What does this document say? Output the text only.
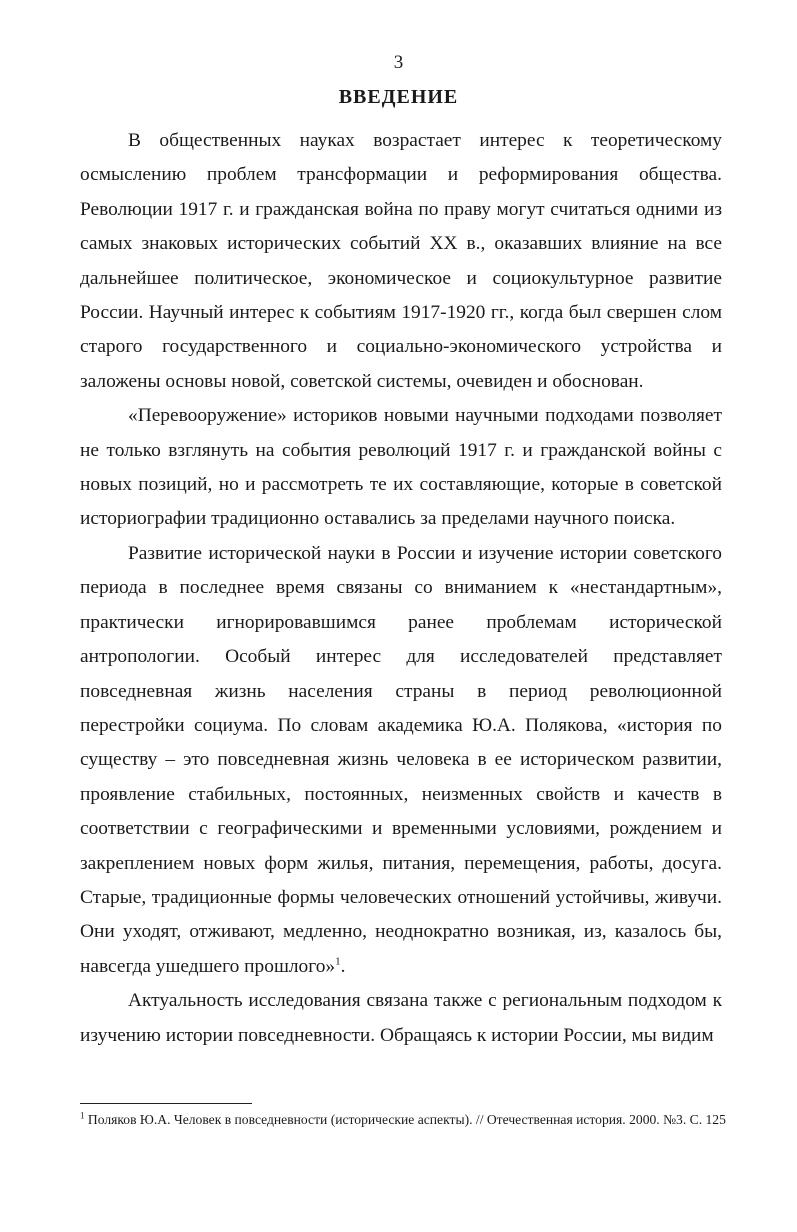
3
ВВЕДЕНИЕ

В общественных науках возрастает интерес к теоретическому осмыслению проблем трансформации и реформирования общества. Революции 1917 г. и гражданская война по праву могут считаться одними из самых знаковых исторических событий XX в., оказавших влияние на все дальнейшее политическое, экономическое и социокультурное развитие России. Научный интерес к событиям 1917-1920 гг., когда был свершен слом старого государственного и социально-экономического устройства и заложены основы новой, советской системы, очевиден и обоснован.

«Перевооружение» историков новыми научными подходами позволяет не только взглянуть на события революций 1917 г. и гражданской войны с новых позиций, но и рассмотреть те их составляющие, которые в советской историографии традиционно оставались за пределами научного поиска.

Развитие исторической науки в России и изучение истории советского периода в последнее время связаны со вниманием к «нестандартным», практически игнорировавшимся ранее проблемам исторической антропологии. Особый интерес для исследователей представляет повседневная жизнь населения страны в период революционной перестройки социума. По словам академика Ю.А. Полякова, «история по существу – это повседневная жизнь человека в ее историческом развитии, проявление стабильных, постоянных, неизменных свойств и качеств в соответствии с географическими и временными условиями, рождением и закреплением новых форм жилья, питания, перемещения, работы, досуга. Старые, традиционные формы человеческих отношений устойчивы, живучи. Они уходят, отживают, медленно, неоднократно возникая, из, казалось бы, навсегда ушедшего прошлого»$^1$.

Актуальность исследования связана также с региональным подходом к изучению истории повседневности. Обращаясь к истории России, мы видим

$^1$ Поляков Ю.А. Человек в повседневности (исторические аспекты). // Отечественная история. 2000. №3. С. 125
